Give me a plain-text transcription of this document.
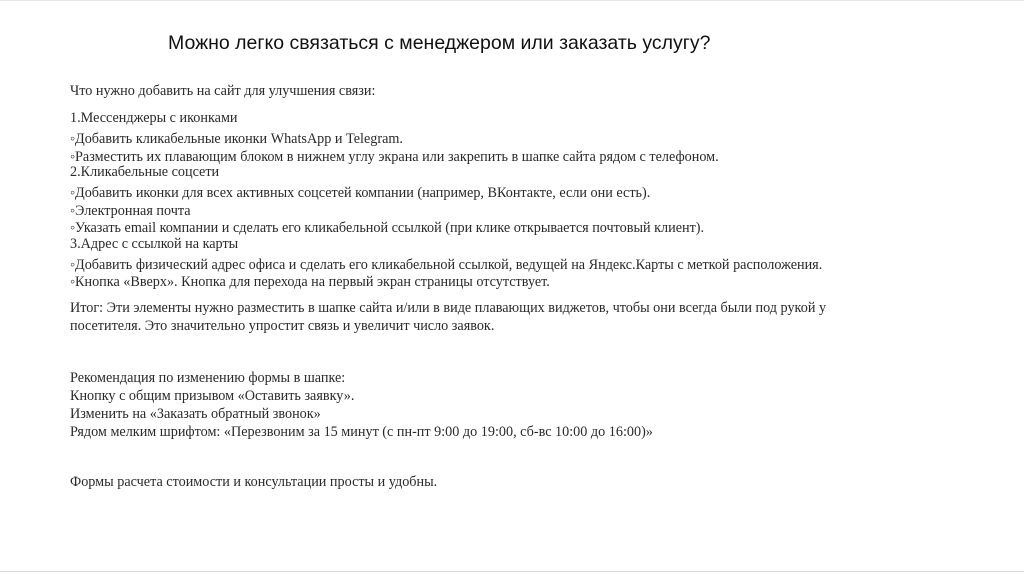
Можно легко связаться с менеджером или заказать услугу?
Что нужно добавить на сайт для улучшения связи:
1.Мессенджеры с иконками
◦Добавить кликабельные иконки WhatsApp и Telegram.
◦Разместить их плавающим блоком в нижнем углу экрана или закрепить в шапке сайта рядом с телефоном.
2.Кликабельные соцсети
◦Добавить иконки для всех активных соцсетей компании (например, ВКонтакте, если они есть).
◦Электронная почта
◦Указать email компании и сделать его кликабельной ссылкой (при клике открывается почтовый клиент).
3.Адрес с ссылкой на карты
◦Добавить физический адрес офиса и сделать его кликабельной ссылкой, ведущей на Яндекс.Карты с меткой расположения.
◦Кнопка «Вверх». Кнопка для перехода на первый экран страницы отсутствует.
Итог: Эти элементы нужно разместить в шапке сайта и/или в виде плавающих виджетов, чтобы они всегда были под рукой у
посетителя. Это значительно упростит связь и увеличит число заявок.
Рекомендация по изменению формы в шапке:
Кнопку с общим призывом «Оставить заявку».
Изменить на «Заказать обратный звонок»
Рядом мелким шрифтом: «Перезвоним за 15 минут (с пн-пт 9:00 до 19:00, сб-вс 10:00 до 16:00)»
Формы расчета стоимости и консультации просты и удобны.
